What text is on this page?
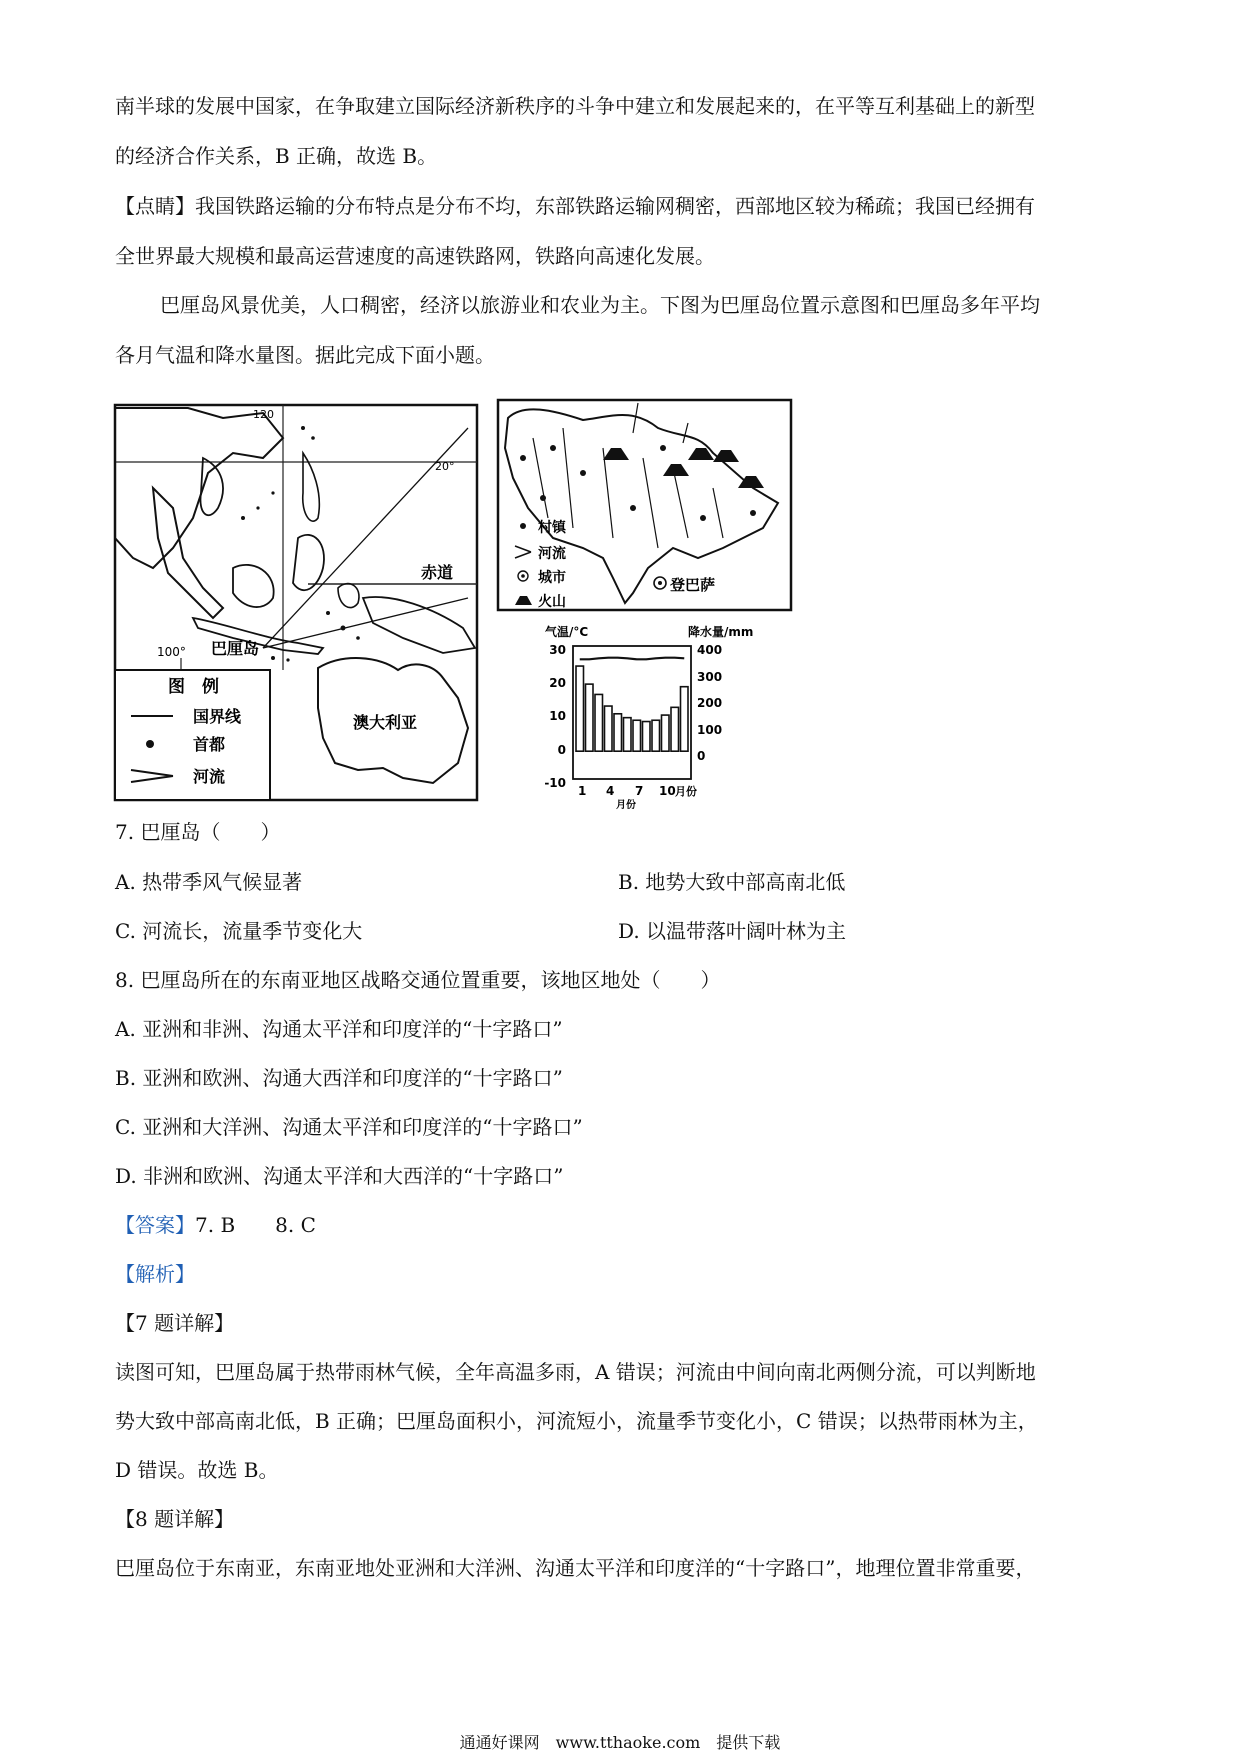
南半球的发展中国家，在争取建立国际经济新秩序的斗争中建立和发展起来的，在平等互利基础上的新型
的经济合作关系，B 正确，故选 B。
【点睛】我国铁路运输的分布特点是分布不均，东部铁路运输网稠密，西部地区较为稀疏；我国已经拥有
全世界最大规模和最高运营速度的高速铁路网，铁路向高速化发展。
巴厘岛风景优美，人口稠密，经济以旅游业和农业为主。下图为巴厘岛位置示意图和巴厘岛多年平均
各月气温和降水量图。据此完成下面小题。
120
20°
100°
赤道
巴厘岛
澳大利亚
图　例
国界线
首都
河流
登巴萨
村镇
河流
城市
火山
气温/°C	降水量/mm
30
20
10
0
-10
400
300
200
100
0
1 4 7 10 月份
月份
7. 巴厘岛（　　）
A. 热带季风气候显著	B. 地势大致中部高南北低
C. 河流长，流量季节变化大	D. 以温带落叶阔叶林为主
8. 巴厘岛所在的东南亚地区战略交通位置重要，该地区地处（　　）
A. 亚洲和非洲、沟通太平洋和印度洋的“十字路口”
B. 亚洲和欧洲、沟通大西洋和印度洋的“十字路口”
C. 亚洲和大洋洲、沟通太平洋和印度洋的“十字路口”
D. 非洲和欧洲、沟通太平洋和大西洋的“十字路口”
【答案】7. B　　8. C
【解析】
【7 题详解】
读图可知，巴厘岛属于热带雨林气候，全年高温多雨，A 错误；河流由中间向南北两侧分流，可以判断地
势大致中部高南北低，B 正确；巴厘岛面积小，河流短小，流量季节变化小，C 错误；以热带雨林为主，
D 错误。故选 B。
【8 题详解】
巴厘岛位于东南亚，东南亚地处亚洲和大洋洲、沟通太平洋和印度洋的“十字路口”，地理位置非常重要，
通通好课网　www.tthaoke.com　提供下载
